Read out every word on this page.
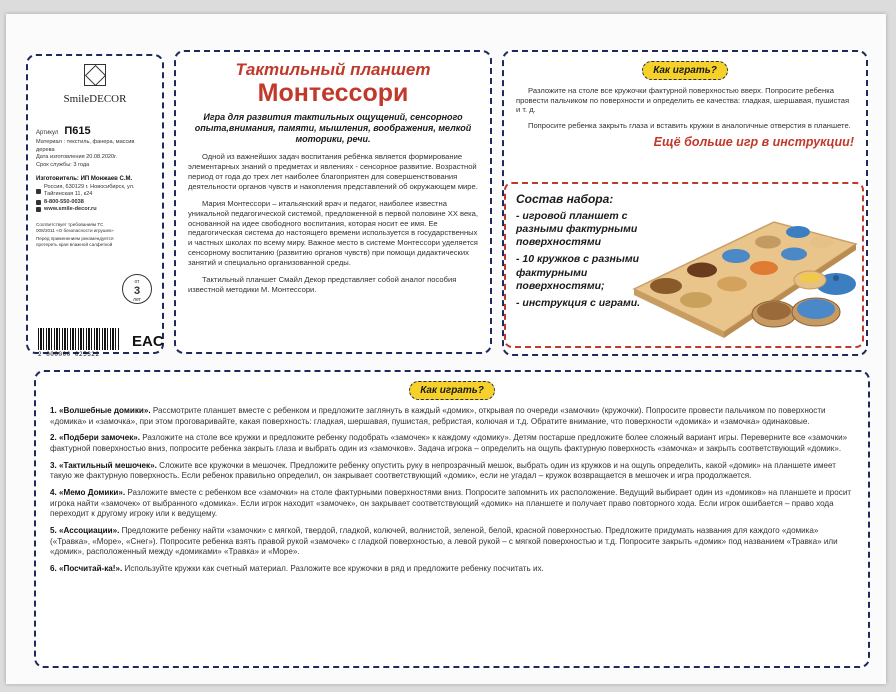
SmileDECOR
Артикул П615
Материал : текстиль, фанера, массив дерева
Дата изготовления 20.08.2020г.
Срок службы: 3 года
Изготовитель: ИП Монжаев С.М.
Россия, 630129 г. Новосибирск, ул. Тайгинская 11, к24
8-800-550-0038
www.smile-decor.ru
Соответствует требованиям ТС 008/2011 «О безопасности игрушек»
Перед применением рекомендуется протереть края влажной салфеткой
от
3
лет
2 000000 025322
EAC
Тактильный планшет
Монтессори
Игра для развития тактильных ощущений, сенсорного опыта,внимания, памяти, мышления, воображения, мелкой моторики, речи.

Одной из важнейших задач воспитания ребёнка является формирование элементарных знаний о предметах и явлениях - сенсорное развитие. Возрастной период от года до трех лет наиболее благоприятен для совершенствования деятельности органов чувств и накопления представлений об окружающем мире.

Мария Монтессори – итальянский врач и педагог, наиболее известна уникальной педагогической системой, предложенной в первой половине XX века, основанной на идее свободного воспитания, которая носит ее имя. Ее педагогическая система до настоящего времени используется в государственных и частных школах по всему миру. Важное место в системе Монтессори уделяется сенсорному воспитанию (развитию органов чувств) при помощи дидактических занятий и специально организованной среды.

Тактильный планшет Смайл Декор представляет собой аналог пособия известной методики М. Монтессори.

Как играть?

Разложите на столе все кружочки фактурной поверхностью вверх. Попросите ребенка провести пальчиком по поверхности и определить ее качества: гладкая, шершавая, пушистая и т. д.

Попросите ребенка закрыть глаза и вставить кружки в аналогичные отверстия в планшете.

Ещё больше игр в инструкции!
Состав набора:
- игровой планшет с разными фактурными поверхностями
- 10 кружков с разными фактурными поверхностями;
- инструкция с играми.
Как играть?

1. «Волшебные домики». Рассмотрите планшет вместе с ребенком и предложите заглянуть в каждый «домик», открывая по очереди «замочки» (кружочки). Попросите провести пальчиком по поверхности «домика» и «замочка», при этом проговаривайте, какая поверхность: гладкая, шершавая, пушистая, ребристая, колючая и т.д. Обратите внимание, что поверхности «домика» и «замочка» одинаковые.

2. «Подбери замочек». Разложите на столе все кружки и предложите ребенку подобрать «замочек» к каждому «домику». Детям постарше предложите более сложный вариант игры. Переверните все «замочки» фактурной поверхностью вниз, попросите ребенка закрыть глаза и выбрать один из «замочков». Задача игрока – определить на ощупь фактурную поверхность «замочка» и закрыть соответствующий «домик».

3. «Тактильный мешочек». Сложите все кружочки в мешочек. Предложите ребенку опустить руку в непрозрачный мешок, выбрать один из кружков и на ощупь определить, какой «домик» на планшете имеет такую же фактурную поверхность. Если ребенок правильно определил, он закрывает соответствующий «домик», если не угадал – кружок возвращается в мешочек и игра продолжается.

4. «Мемо Домики». Разложите вместе с ребенком все «замочки» на столе фактурными поверхностями вниз. Попросите запомнить их расположение. Ведущий выбирает один из «домиков» на планшете и просит игрока найти «замочек» от выбранного «домика». Если игрок находит «замочек», он закрывает соответствующий «домик» на планшете и получает право повторного хода. Если игрок ошибается – право хода переходит к другому игроку или к ведущему.

5. «Ассоциации». Предложите ребенку найти «замочки» с мягкой, твердой, гладкой, колючей, волнистой, зеленой, белой, красной поверхностью. Предложите придумать названия для каждого «домика» («Травка», «Море», «Снег»). Попросите ребенка взять правой рукой «замочек» с гладкой поверхностью, а левой рукой – с мягкой поверхностью и т.д. Попросите закрыть «домик» под названием «Травка» или «домик», расположенный между «домиками» «Травка» и «Море».

6. «Посчитай-ка!». Используйте кружки как счетный материал. Разложите все кружочки в ряд и предложите ребенку посчитать их.
